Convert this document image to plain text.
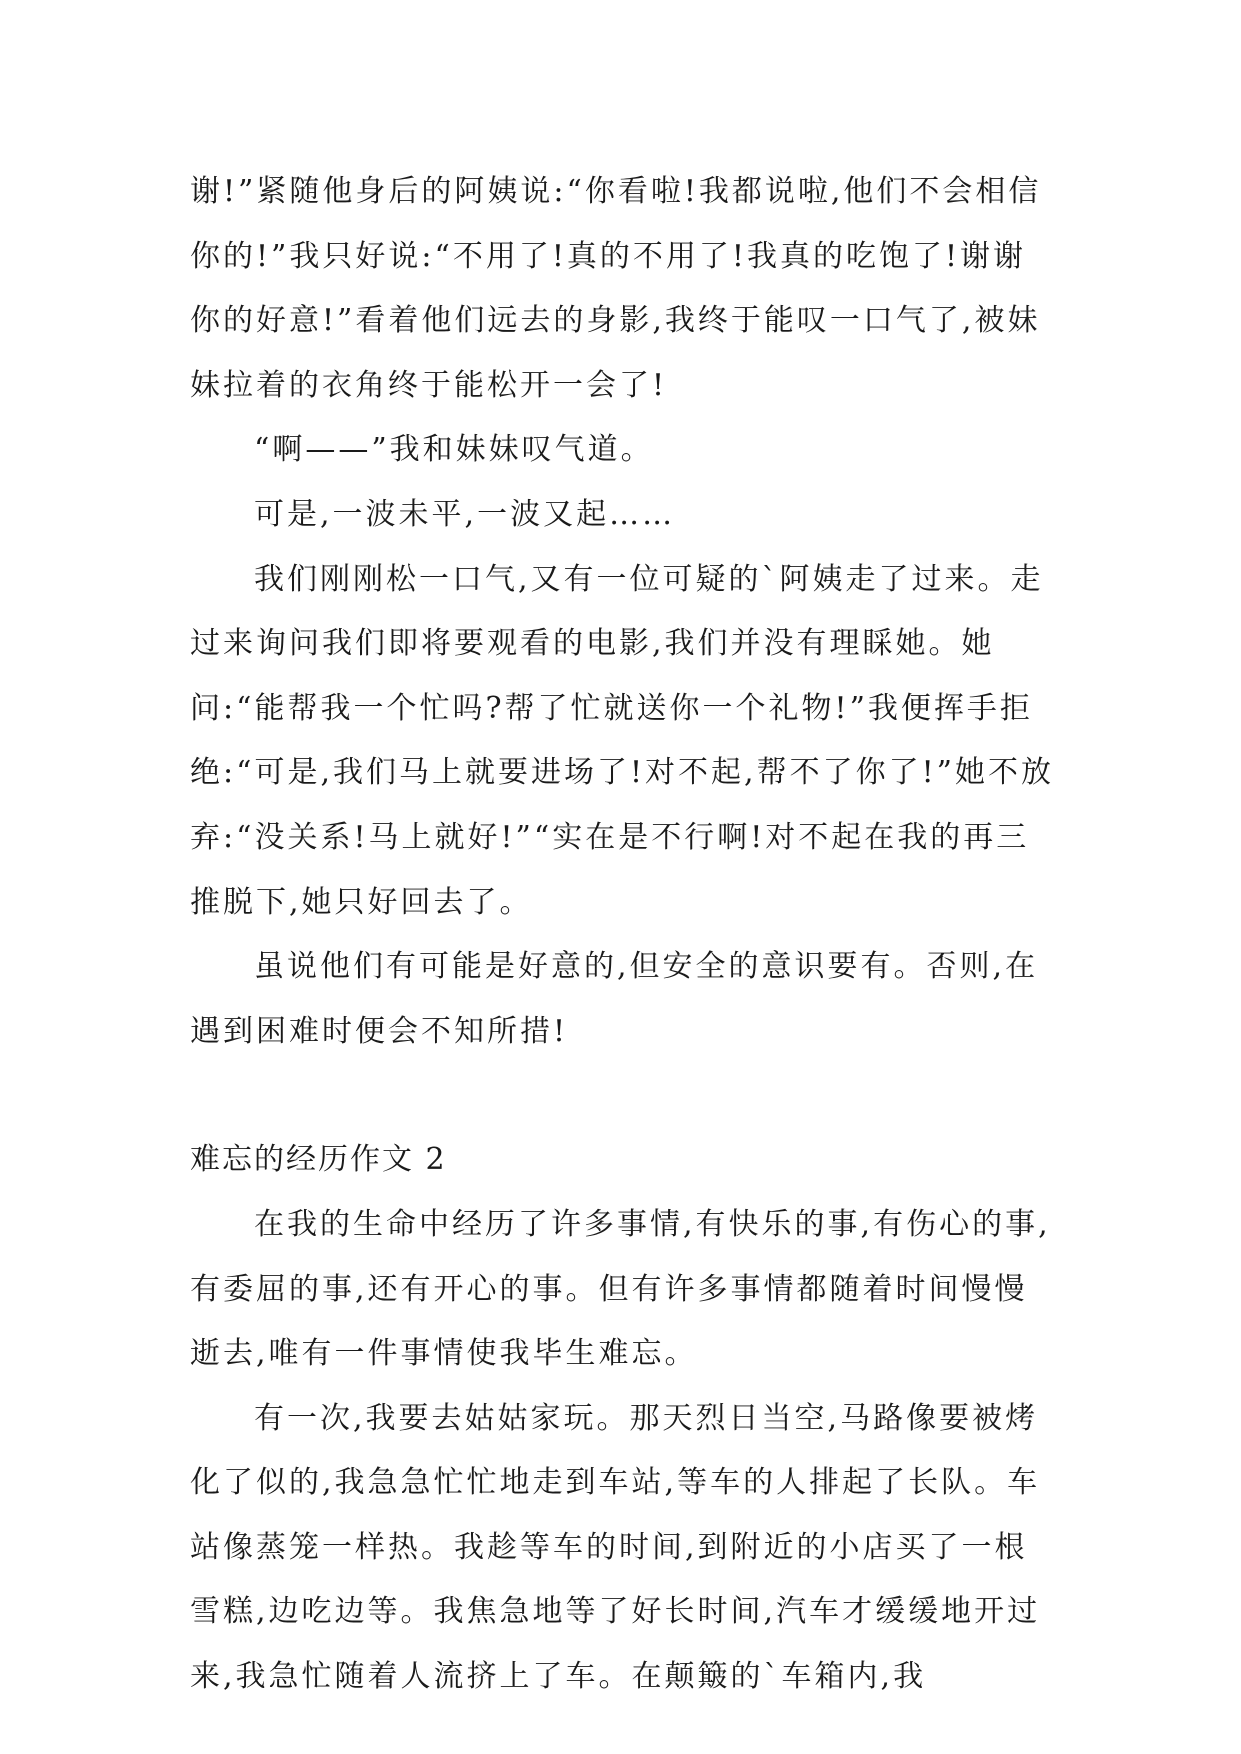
谢!”紧随他身后的阿姨说:“你看啦!我都说啦,他们不会相信你的!”我只好说:“不用了!真的不用了!我真的吃饱了!谢谢你的好意!”看着他们远去的身影,我终于能叹一口气了,被妹妹拉着的衣角终于能松开一会了!

“啊——”我和妹妹叹气道。

可是,一波未平,一波又起……

我们刚刚松一口气,又有一位可疑的`阿姨走了过来。走过来询问我们即将要观看的电影,我们并没有理睬她。她问:“能帮我一个忙吗?帮了忙就送你一个礼物!”我便挥手拒绝:“可是,我们马上就要进场了!对不起,帮不了你了!”她不放弃:“没关系!马上就好!”“实在是不行啊!对不起在我的再三推脱下,她只好回去了。

虽说他们有可能是好意的,但安全的意识要有。否则,在遇到困难时便会不知所措!

难忘的经历作文 2

在我的生命中经历了许多事情,有快乐的事,有伤心的事,有委屈的事,还有开心的事。但有许多事情都随着时间慢慢逝去,唯有一件事情使我毕生难忘。

有一次,我要去姑姑家玩。那天烈日当空,马路像要被烤化了似的,我急急忙忙地走到车站,等车的人排起了长队。车站像蒸笼一样热。我趁等车的时间,到附近的小店买了一根雪糕,边吃边等。我焦急地等了好长时间,汽车才缓缓地开过来,我急忙随着人流挤上了车。在颠簸的`车箱内,我
